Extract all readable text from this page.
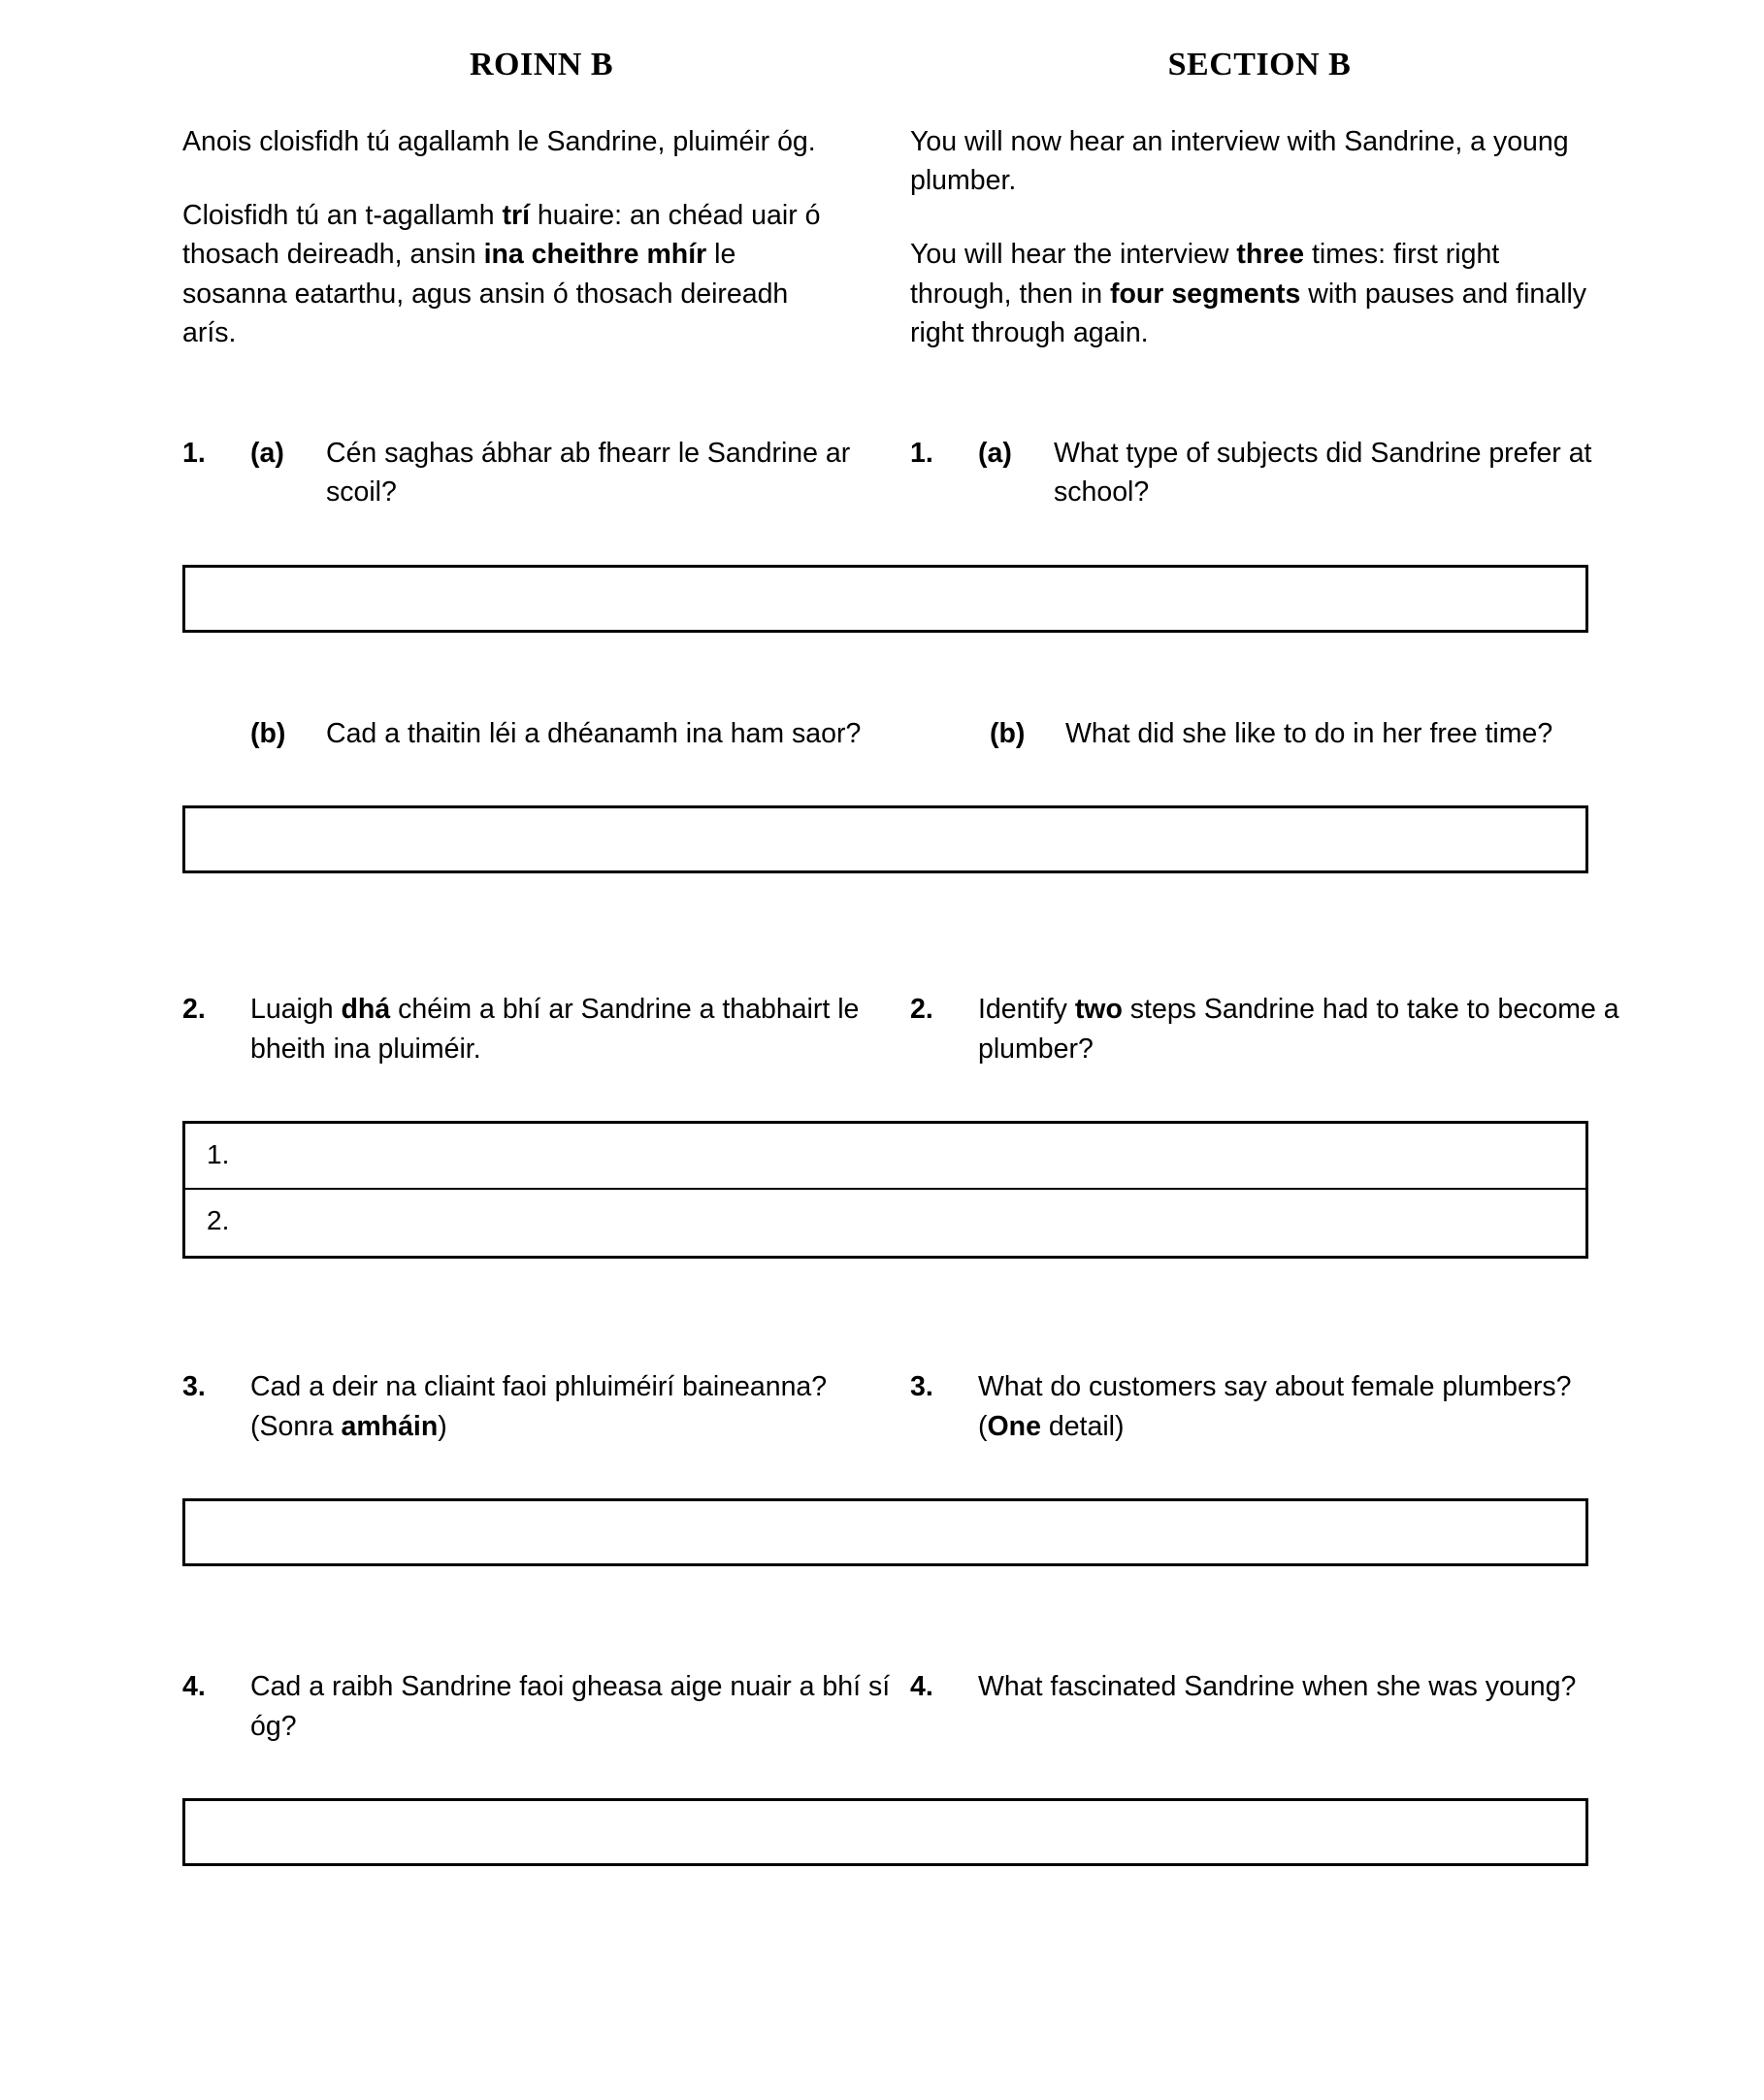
ROINN B	SECTION B

Anois cloisfidh tú agallamh le Sandrine, pluiméir óg.

Cloisfidh tú an t-agallamh trí huaire: an chéad uair ó thosach deireadh, ansin ina cheithre mhír le sosanna eatarthu, agus ansin ó thosach deireadh arís.

You will now hear an interview with Sandrine, a young plumber.

You will hear the interview three times: first right through, then in four segments with pauses and finally right through again.

1.	(a)	Cén saghas ábhar ab fhearr le Sandrine ar scoil?
1.	(a)	What type of subjects did Sandrine prefer at school?
(b)	Cad a thaitin léi a dhéanamh ina ham saor?	(b)	What did she like to do in her free time?
2.	Luaigh dhá chéim a bhí ar Sandrine a thabhairt le bheith ina pluiméir.
2.	Identify two steps Sandrine had to take to become a plumber?
1.
2.
3.	Cad a deir na cliaint faoi phluiméirí baineanna? (Sonra amháin)
3.	What do customers say about female plumbers? (One detail)
4.	Cad a raibh Sandrine faoi gheasa aige nuair a bhí sí óg?
4.	What fascinated Sandrine when she was young?
